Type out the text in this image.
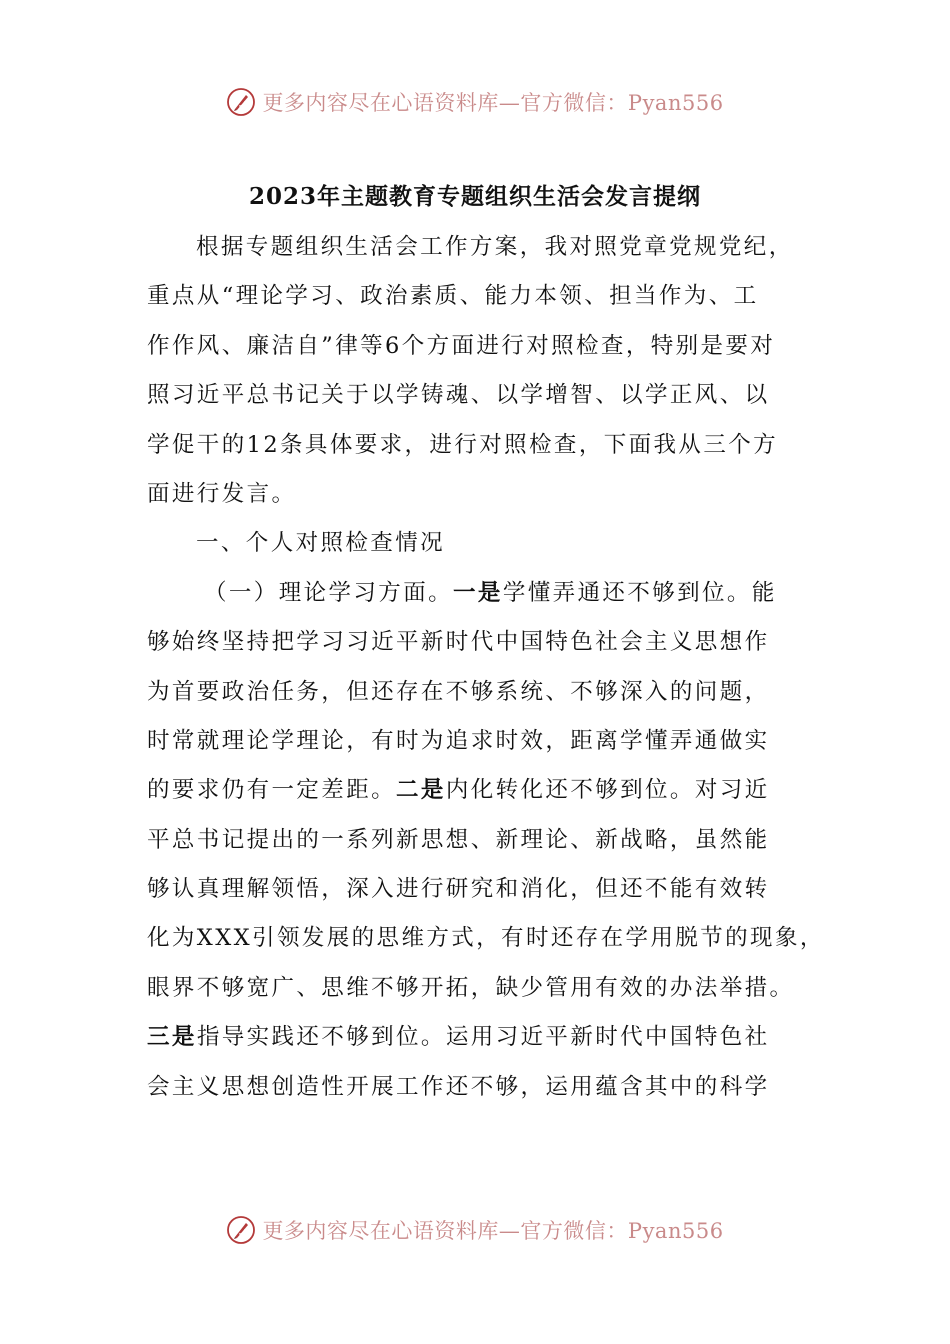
更多内容尽在心语资料库—官方微信：Pyan556
2023年主题教育专题组织生活会发言提纲
根据专题组织生活会工作方案，我对照党章党规党纪，
重点从“理论学习、政治素质、能力本领、担当作为、工
作作风、廉洁自”律等6个方面进行对照检查，特别是要对
照习近平总书记关于以学铸魂、以学增智、以学正风、以
学促干的12条具体要求，进行对照检查，下面我从三个方
面进行发言。
一、个人对照检查情况
（一）理论学习方面。一是学懂弄通还不够到位。能
够始终坚持把学习习近平新时代中国特色社会主义思想作
为首要政治任务，但还存在不够系统、不够深入的问题，
时常就理论学理论，有时为追求时效，距离学懂弄通做实
的要求仍有一定差距。二是内化转化还不够到位。对习近
平总书记提出的一系列新思想、新理论、新战略，虽然能
够认真理解领悟，深入进行研究和消化，但还不能有效转
化为XXX引领发展的思维方式，有时还存在学用脱节的现象，
眼界不够宽广、思维不够开拓，缺少管用有效的办法举措。
三是指导实践还不够到位。运用习近平新时代中国特色社
会主义思想创造性开展工作还不够，运用蕴含其中的科学
更多内容尽在心语资料库—官方微信：Pyan556
